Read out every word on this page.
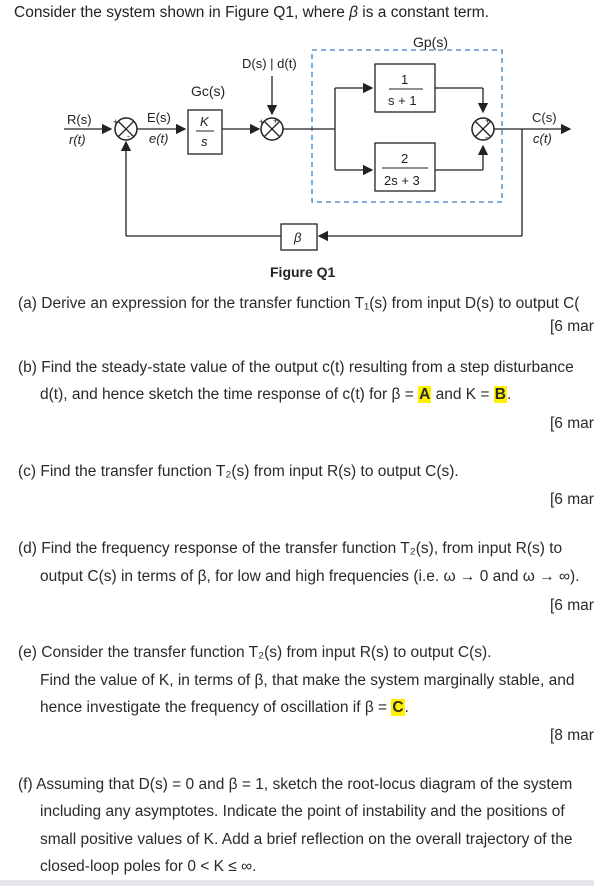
Consider the system shown in Figure Q1, where β is a constant term.
Gp(s)
R(s)
r(t)
+
-
E(s)
e(t)
Gc(s)
K
s
D(s) | d(t)
+ +
1
s + 1
2
2s + 3
+
-
C(s)
c(t)
β
Figure Q1
(a) Derive an expression for the transfer function T₁(s) from input D(s) to output C(
[6 mar
(b) Find the steady-state value of the output c(t) resulting from a step disturbance
d(t), and hence sketch the time response of c(t) for β = A and K = B.
[6 mar
(c) Find the transfer function T₂(s) from input R(s) to output C(s).
[6 mar
(d) Find the frequency response of the transfer function T₂(s), from input R(s) to
output C(s) in terms of β, for low and high frequencies (i.e. ω → 0 and ω → ∞).
[6 mar
(e) Consider the transfer function T₂(s) from input R(s) to output C(s).
Find the value of K, in terms of β, that make the system marginally stable, and
hence investigate the frequency of oscillation if β = C.
[8 mar
(f) Assuming that D(s) = 0 and β = 1, sketch the root-locus diagram of the system
including any asymptotes. Indicate the point of instability and the positions of
small positive values of K. Add a brief reflection on the overall trajectory of the
closed-loop poles for 0 < K ≤ ∞.
